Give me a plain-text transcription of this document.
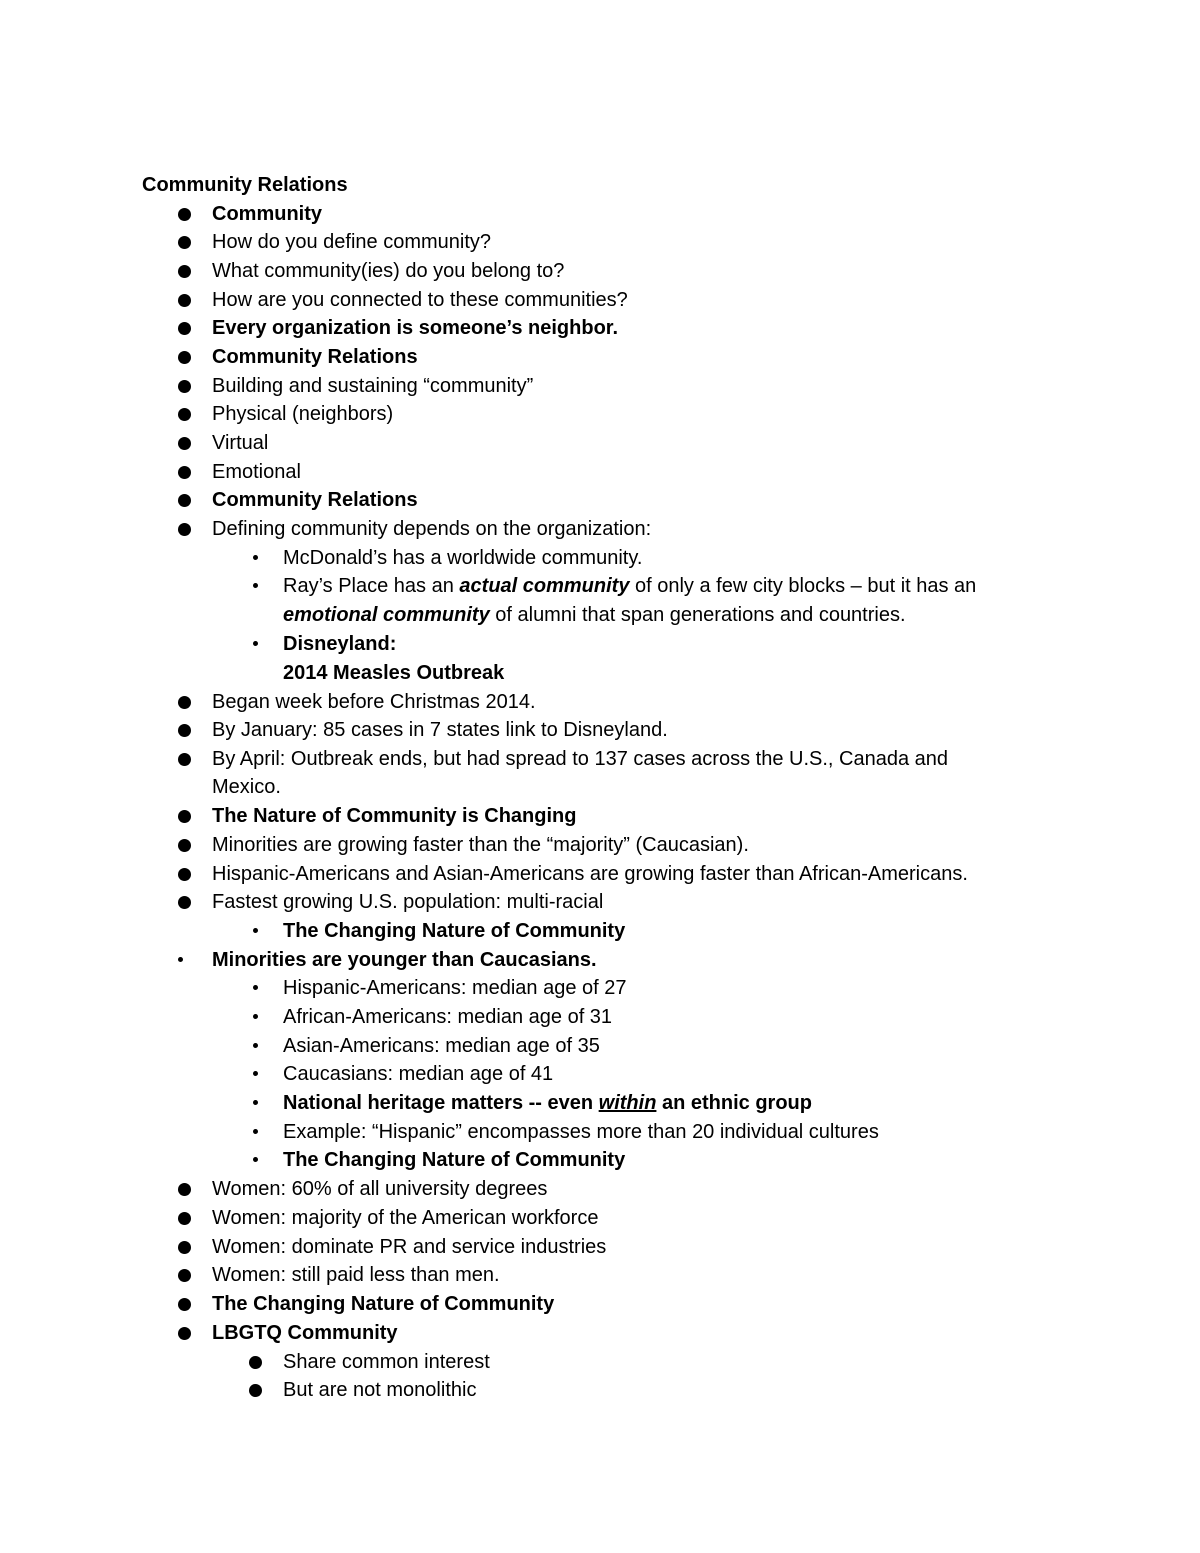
Community Relations
Community
How do you define community?
What community(ies) do you belong to?
How are you connected to these communities?
Every organization is someone’s neighbor.
Community Relations
Building and sustaining “community”
Physical (neighbors)
Virtual
Emotional
Community Relations
Defining community depends on the organization:
McDonald’s has a worldwide community.
Ray’s Place has an actual community of only a few city blocks – but it has an
emotional community of alumni that span generations and countries.
Disneyland:
2014 Measles Outbreak
Began week before Christmas 2014.
By January: 85 cases in 7 states link to Disneyland.
By April: Outbreak ends, but had spread to 137 cases across the U.S., Canada and
Mexico.
The Nature of Community is Changing
Minorities are growing faster than the “majority” (Caucasian).
Hispanic-Americans and Asian-Americans are growing faster than African-Americans.
Fastest growing U.S. population: multi-racial
The Changing Nature of Community
Minorities are younger than Caucasians.
Hispanic-Americans: median age of 27
African-Americans: median age of 31
Asian-Americans: median age of 35
Caucasians: median age of 41
National heritage matters -- even within an ethnic group
Example: “Hispanic” encompasses more than 20 individual cultures
The Changing Nature of Community
Women: 60% of all university degrees
Women: majority of the American workforce
Women: dominate PR and service industries
Women: still paid less than men.
The Changing Nature of Community
LBGTQ Community
Share common interest
But are not monolithic
